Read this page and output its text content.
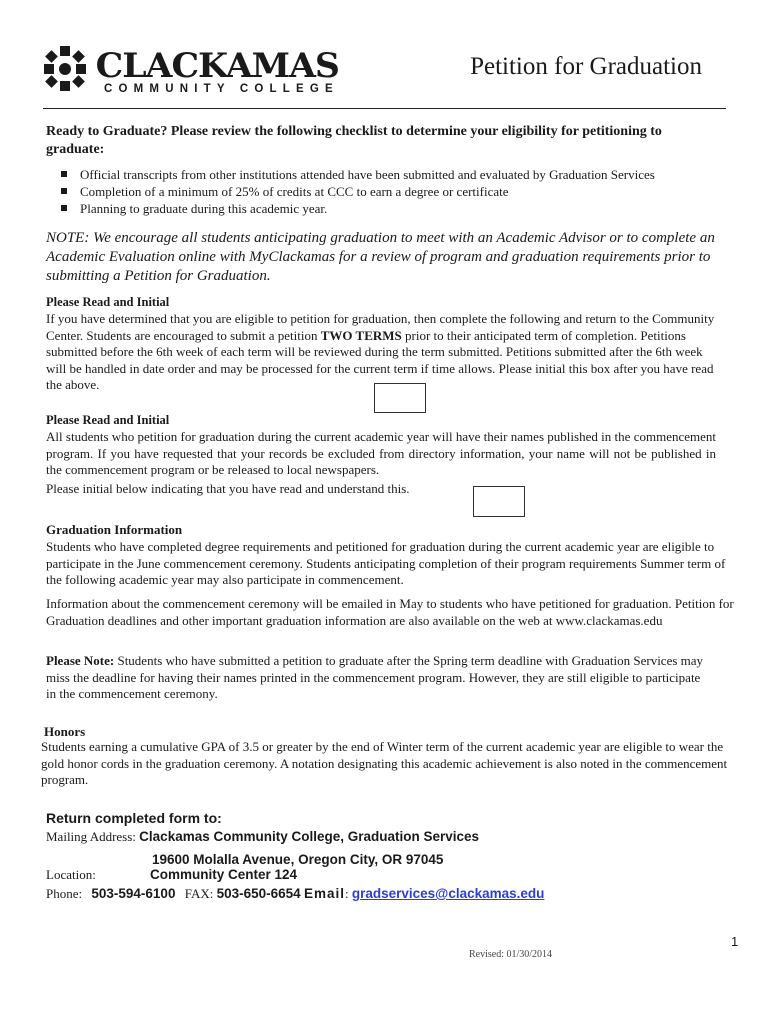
CLACKAMAS
COMMUNITY COLLEGE
Petition for Graduation

Ready to Graduate? Please review the following checklist to determine your eligibility for petitioning to graduate:

Official transcripts from other institutions attended have been submitted and evaluated by Graduation Services
Completion of a minimum of 25% of credits at CCC to earn a degree or certificate
Planning to graduate during this academic year.

NOTE: We encourage all students anticipating graduation to meet with an Academic Advisor or to complete an Academic Evaluation online with MyClackamas for a review of program and graduation requirements prior to submitting a Petition for Graduation.

Please Read and Initial

If you have determined that you are eligible to petition for graduation, then complete the following and return to the Community Center. Students are encouraged to submit a petition TWO TERMS prior to their anticipated term of completion. Petitions submitted before the 6th week of each term will be reviewed during the term submitted. Petitions submitted after the 6th week will be handled in date order and may be processed for the current term if time allows. Please initial this box after you have read the above.

Please Read and Initial

All students who petition for graduation during the current academic year will have their names published in the commencement program. If you have requested that your records be excluded from directory information, your name will not be published in the commencement program or be released to local newspapers.

Please initial below indicating that you have read and understand this.

Graduation Information

Students who have completed degree requirements and petitioned for graduation during the current academic year are eligible to participate in the June commencement ceremony. Students anticipating completion of their program requirements Summer term of the following academic year may also participate in commencement.

Information about the commencement ceremony will be emailed in May to students who have petitioned for graduation. Petition for Graduation deadlines and other important graduation information are also available on the web at www.clackamas.edu

Please Note: Students who have submitted a petition to graduate after the Spring term deadline with Graduation Services may miss the deadline for having their names printed in the commencement program. However, they are still eligible to participate in the commencement ceremony.

Honors

Students earning a cumulative GPA of 3.5 or greater by the end of Winter term of the current academic year are eligible to wear the gold honor cords in the graduation ceremony. A notation designating this academic achievement is also noted in the commencement program.

Return completed form to:
Mailing Address: Clackamas Community College, Graduation Services
19600 Molalla Avenue, Oregon City, OR 97045
Location:	Community Center 124
Phone: 503-594-6100 FAX: 503-650-6654 Email: gradservices@clackamas.edu
1
Revised: 01/30/2014
